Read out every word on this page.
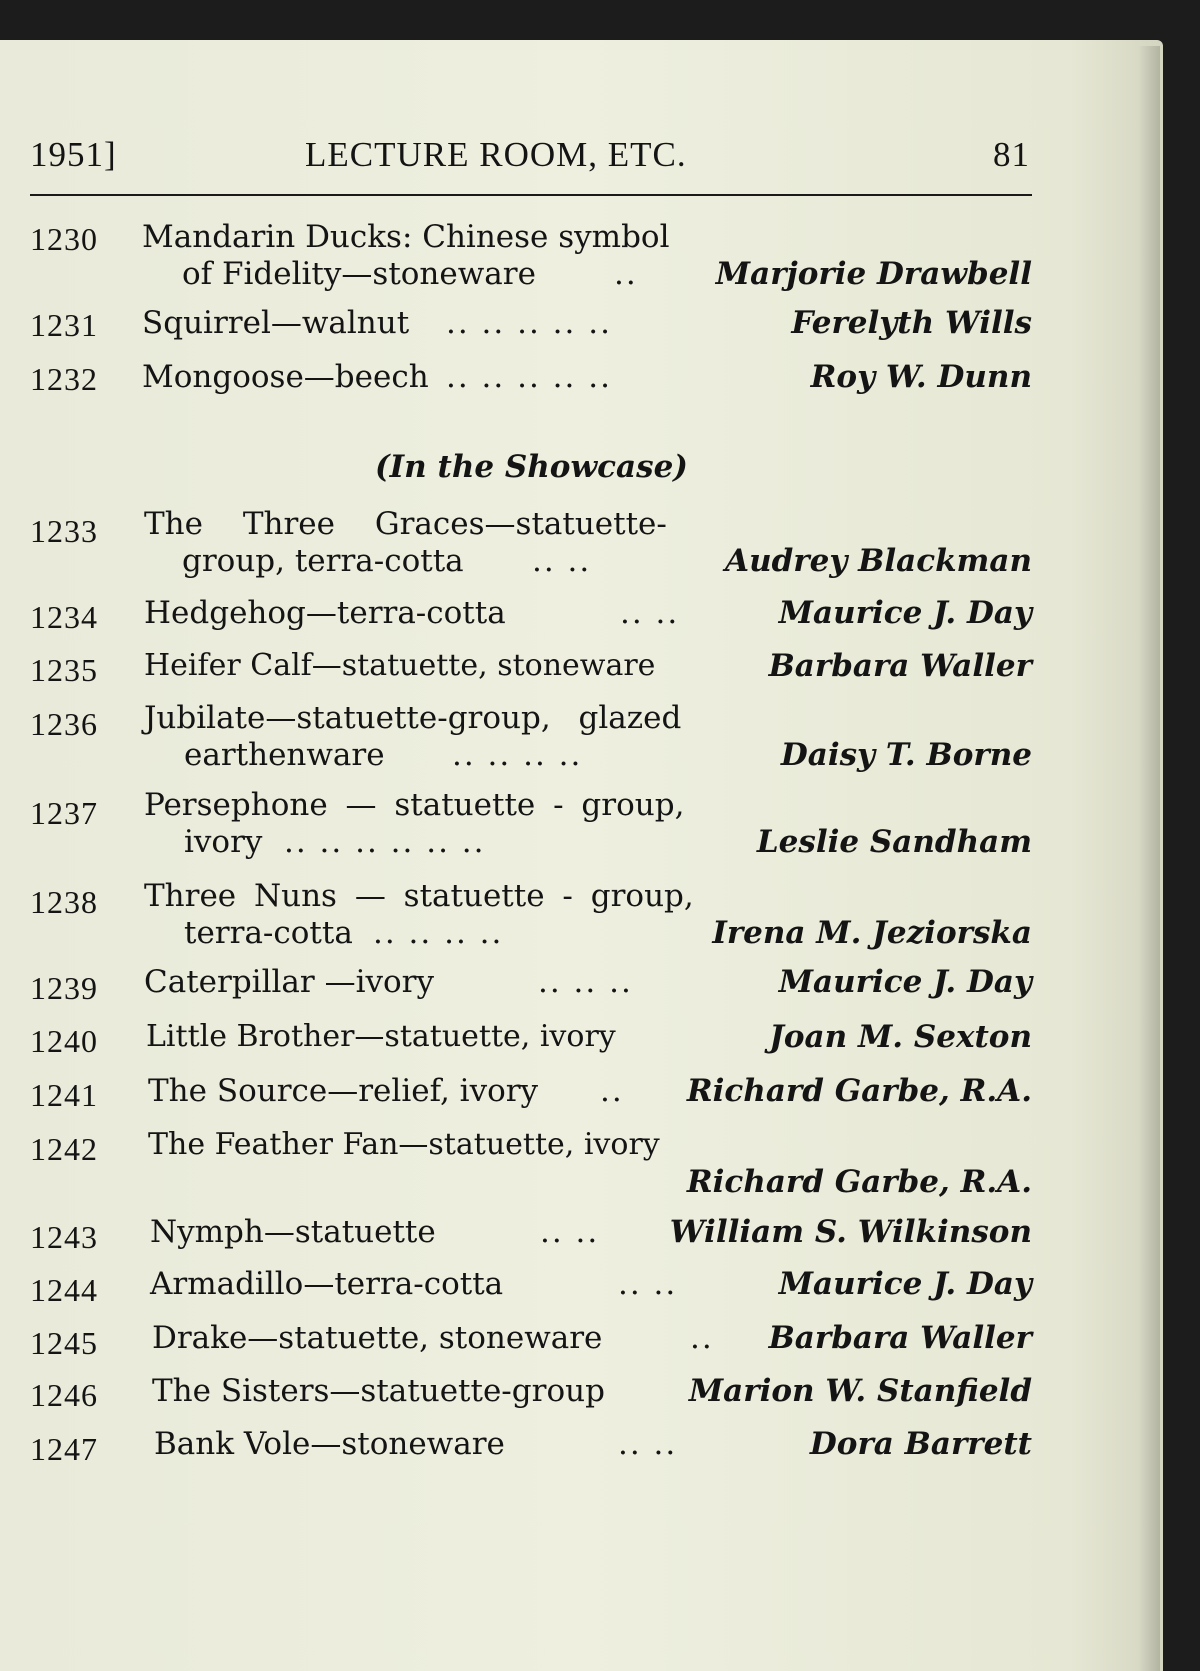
1951]	LECTURE ROOM, ETC.	81
1230 Mandarin Ducks: Chinese symbol
of Fidelity—stoneware	..	Marjorie Drawbell
1231 Squirrel—walnut .. .. .. .. ..	Ferelyth Wills
1232 Mongoose—beech .. .. .. .. ..	Roy W. Dunn
(In the Showcase)
1233 The Three Graces—statuette-
group, terra-cotta .. ..	Audrey Blackman
1234 Hedgehog—terra-cotta	.. ..	Maurice J. Day
1235 Heifer Calf—statuette, stoneware	Barbara Waller
1236 Jubilate—statuette-group, glazed
earthenware .. .. .. ..	Daisy T. Borne
1237 Persephone — statuette - group,
ivory .. .. .. .. .. ..	Leslie Sandham
1238 Three Nuns — statuette - group,
terra-cotta .. .. .. ..	Irena M. Jeziorska
1239 Caterpillar —ivory	.. .. ..	Maurice J. Day
1240 Little Brother—statuette, ivory	Joan M. Sexton
1241 The Source—relief, ivory .. Richard Garbe, R.A.
1242 The Feather Fan—statuette, ivory
Richard Garbe, R.A.
1243 Nymph—statuette	.. .. William S. Wilkinson
1244 Armadillo—terra-cotta	.. ..	Maurice J. Day
1245 Drake—statuette, stoneware	.. Barbara Waller
1246 The Sisters—statuette-group	Marion W. Stanfield
1247 Bank Vole—stoneware	.. ..	Dora Barrett
